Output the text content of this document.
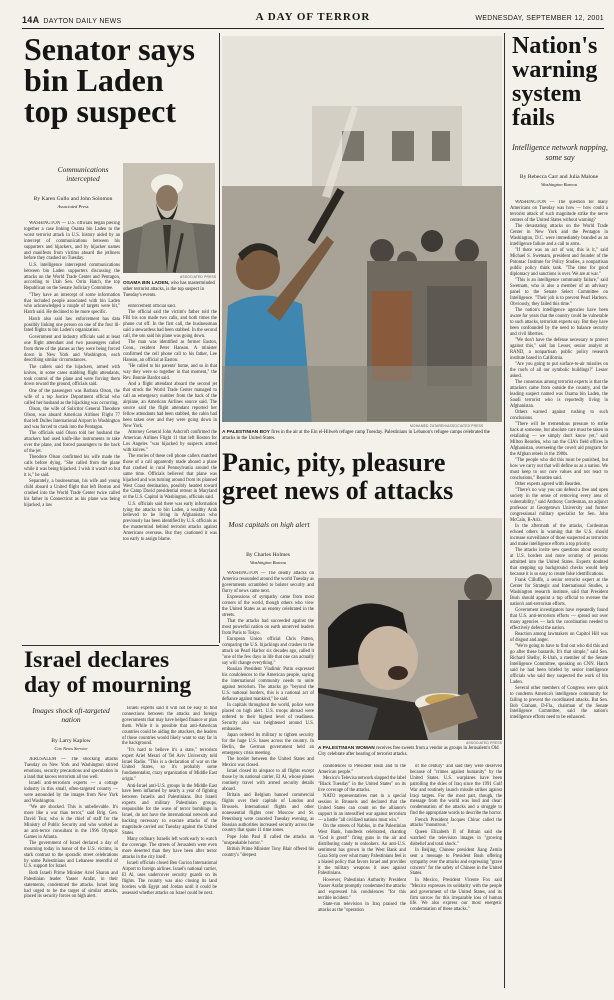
14A DAYTON DAILY NEWS	A DAY OF TERROR	WEDNESDAY, SEPTEMBER 12, 2001
Senator says
bin Laden
top suspect
Communications intercepted
By Karen Gullo and John Solomon
Associated Press
ASSOCIATED PRESS
OSAMA BIN LADEN, who has masterminded other terrorist attacks, is the top suspect in Tuesday's events.

WASHINGTON — U.S. officials began piecing together a case linking Osama bin Laden to the worst terrorist attack in U.S. history aided by an intercept of communications between his supporters and hijackers, and by hijacker names and manifests from victims aboard the jetliners before they crashed on Tuesday.

U.S. intelligence intercepted communications between bin Laden supporters discussing the attacks on the World Trade Center and Pentagon, according to Utah Sen. Orrin Hatch, the top Republican on the Senate Judiciary Committee.

"They have an intercept of some information that included people associated with bin Laden who acknowledged a couple of targets were hit," Hatch said. He declined to be more specific.

Hatch also said law enforcement has data possibly linking one person on one of the four ill-fated flights to bin Laden's organization.

Government and industry officials said at least one flight attendant and two passengers called from three of the planes as they were being forced down in New York and Washington, each describing similar circumstances.

The callers said the hijackers, armed with knives, in some cases stabbing flight attendants, took control of the plane and were forcing them down toward the ground, officials said.

One of the passengers was Barbara Olson, the wife of a top Justice Department official who called her husband as the hijacking was occurring.

Olson, the wife of Solicitor General Theodore Olson, was aboard American Airlines Flight 77 that left Dulles International Airport in Washington and was forced to crash into the Pentagon.

The officials said Olson told her husband the attackers had used knife-like instruments to take over the plane, and forced passengers to the back of the jet.

Theodore Olson confirmed his wife made the calls before dying. "She called from the plane while it was being hijacked. I wish it wasn't so but it is," he said.

Separately, a businessman, his wife and young child aboard a United flight that left Boston and crashed into the World Trade Center twice called his father in Connecticut as his plane was being hijacked, a law

enforcement official said.

The official said the victim's father told the FBI his son made two calls, and both times the phone cut off. In the first call, the businessman said a stewardess had been stabbed. In the second call, the son said his plane was going down.

The man was identified as former Easton, Conn., resident Peter Hanson. A minister confirmed the cell phone call to his father, Lee Hanson, an official at Easton.

"He called to his parents' home, and so in that way they were so together in that moment," the Rev. Bonnie Bardot said.

And a flight attendant aboard the second jet that struck the World Trade Center managed to call an emergency number from the back of the airplane, an American Airlines source said. The source said the flight attendant reported her fellow attendants had been stabbed, the cabin had been taken over and they were going down in New York.

Attorney General John Ashcroft confirmed the American Airlines Flight 11 that left Boston for Los Angeles "was hijacked by suspects armed with knives."

The stories of these cell phone callers matched those of a call apparently made aboard a plane that crashed in rural Pennsylvania around the same time. Officials believed that plane was hijacked and was turning around from its planned West Coast destination, possibly headed toward the Camp David presidential retreat in Maryland or the U.S. Capitol in Washington, officials said.

U.S. officials said there was early information tying the attacks to bin Laden, a wealthy Arab believed to be living in Afghanistan who previously has been identified by U.S. officials as the mastermind behind terrorist attacks against Americans overseas. But they cautioned it was too early to assign blame.

MOHAMED ZATAREH/ASSOCIATED PRESS
A PALESTINIAN BOY fires in the air at the Ein el-Hilweh refugee camp Tuesday. Palestinians in Lebanon's refugee camps celebrated the attacks in the United States.
Panic, pity, pleasure
greet news of attacks
Most capitals on high alert
By Charles Holmes
Washington Bureau

WASHINGTON — The deadly attacks on America resounded around the world Tuesday as governments scrambled to bolster security and flurry of news came next.

Expressions of sympathy came from most corners of the world, though others who view the United States as an enemy celebrated in the streets.

That the attacks had succeeded against the most powerful nation on earth unnerved leaders from Paris to Tokyo.

European Union official Chris Patten, comparing the U.S. hijackings and crashes to the attack on Pearl Harbor six decades ago, called it "one of the few days in life that one can actually say will change everything."

Russian President Vladimir Putin expressed his condolences to the American people, saying the international community needs to unite against terrorism. The attacks go "beyond the U.S. national borders, this is a national act of defiance against mankind," he said.

In capitals throughout the world, police were placed on high alert. U.S. troops abroad were ordered to their highest level of readiness. Security also was heightened around U.S. embassies.

Japan ordered its military to tighten security for the huge U.S. bases across the country. In Berlin, the German government held an emergency crisis meeting.

The border between the United States and Mexico was closed.

Israel closed its airspace to all flights except those by its national carrier, El Al, whose planes routinely travel with armed security details aboard.

Britain and Belgium banned commercial flights over their capitals of London and Brussels. International flights and other nonessential flights over Moscow and St. Petersburg were canceled Tuesday evening, as Russian authorities increased security across the country that spans 11 time zones.

Pope John Paul II called the attacks an "unspeakable horror."

British Prime Minister Tony Blair offered his country's "deepest

ASSOCIATED PRESS
A PALESTINIAN WOMAN receives free sweets from a vendor as groups in Jerusalem's Old City celebrate after hearing of terrorist attacks.

condolences to President Bush and to the American people."

Mexico's Televisa network slapped the label "Black Tuesday" in the United States" on its live coverage of the attacks.

NATO representatives met in a special session in Brussels and declared that the United States can count on the alliance's support in an intensified war against terrorism — a battle "all civilized nations must win."

On the streets of Nablus, in the Palestinian West Bank, hundreds celebrated, chanting "God is great!" firing guns in the air and distributing candy to onlookers. An anti-U.S. sentiment has grown in the West Bank and Gaza Strip over what many Palestinians feel is a biased policy that favors Israel and provides it the military weapons it uses against Palestinians.

However, Palestinian Authority President Yasser Arafat promptly condemned the attacks and expressed his condolences "for this terrible incident."

State-run television in Iraq praised the attacks as the "operation

of the century" and said they were deserved because of "crimes against humanity" by the United States. U.S. warplanes have been patrolling the skies of Iraq since the 1991 Gulf War and routinely launch missile strikes against Iraqi targets. For the most part, though, the message from the world was loud and clear: condemnation of the attacks and a struggle to find the appropriate words to describe the horror.

French President Jacques Chirac called the attacks "monstrous."

Queen Elizabeth II of Britain said she watched the television images in "growing disbelief and total shock."

In Beijing, Chinese president Jiang Zemin sent a message to President Bush offering sympathy over the attacks and expressing "grave concern" for the safety of Chinese in the United States.

In Mexico, President Vicente Fox said "Mexico expresses its solidarity with the people and government of the United States, and its firm sorrow for this irreparable loss of human life. We also express our most energetic condemnation of these attacks."

Israel declares
day of mourning
Images shock oft-targeted nation
By Larry Kaplow
Cox News Service

JERUSALEM — The shocking attacks Tuesday on New York and Washington stirred emotions, security precautions and speculation in a land that knows terrorism all too well.

Israeli anti-terrorism experts — a cottage industry in this small, often-targeted country — were astounded by the images from New York and Washington.

"We are shocked. This is unbelievable. It's more like a war than terror," said Brig. Gen. David Tsur, who is the chief of staff for the Ministry of Public Security and who worked as an anti-terror consultant in the 1996 Olympic Games in Atlanta.

The government of Israel declared a day of mourning today in honor of the U.S. victims, in stark contrast to the sporadic street celebrations by some Palestinians and Lebanese resentful of U.S. support for Israel.

Both Israeli Prime Minister Ariel Sharon and Palestinian leader Yasser Arafat, in their statements, condemned the attacks. Israel long had urged to be the target of similar attacks, placed its security forces on high alert.

Israeli experts said it will not be easy to find connections between the attacks and foreign governments that may have helped finance or plan them. While it is possible that anti-American countries could be aiding the attackers, the leaders of those countries would likely want to stay far in the background.

"It's hard to believe it's a state," terrorism expert Ariel Merari of Tel Aviv University told Israel Radio. "This is a declaration of war on the United States, so it's probably some fundamentalist, crazy organization of Middle East origin."

Anti-Israel anti-U.S. groups in the Middle East have been inflamed by nearly a year of fighting between Israelis and Palestinians. But Israeli experts and military Palestinian groups, responsible for the wave of terror bombings in Israel, do not have the international network and backing necessary to execute attacks of the magnitude carried out Tuesday against the United States.

Many ordinary Israelis left work early to watch the coverage. The streets of Jerusalem were even more deserted than they have been after terror attacks in the city itself.

Israeli officials closed Ben Gurion International Airport to foreign airlines. Israel's national carrier, El Al, uses undercover security guards on its flights. The country was also closing its land borders with Egypt and Jordan until it could be assessed whether attacks on Israel could be next.

Nation's
warning
system
fails
Intelligence network napping, some say
By Rebecca Carr and Julia Malone
Washington Bureau

WASHINGTON — The question for many Americans on Tuesday was how — how could a terrorist attack of such magnitude strike the nerve centers of the United States without warning?

The devastating attacks on the World Trade Center in New York and the Pentagon in Washington, D.C. were immediately branded as an intelligence failure and a call to arms.

"If there was an act of war, this is it," said Michael S. Swetnam, president and founder of the Potomac Institute for Policy Studies, a nonpartisan public policy think tank. "The time for good diplomacy and sanctions is over. We are at war."

"This is an intelligence community failure," said Swetnam, who is also a member of an advisory panel to the Senate Select Committee on Intelligence. "Their job is to prevent Pearl Harbors. Obviously, they failed this time."

The nation's intelligence agencies have been aware for years that the country could be vulnerable to such attacks, terrorism experts say. But they have been confounded by the need to balance security and civil liberties.

"We don't have the defense necessary to protect against this," said Ian Lesser, senior analyst at RAND, a nonpartisan public policy research institute based in California.

"Are you going to put surface-to-air missiles on the roofs of all our symbolic buildings?" Lesser asked.

The consensus among terrorist experts is that the attackers came from outside the country, and the leading suspect named was Osama bin Laden, the Saudi terrorist who is reportedly living in Afghanistan.

Others warned against rushing to such conclusions.

"There will be tremendous pressure to strike back at someone, but absolute care must be taken in retaliating — we simply don't know yet," said Milton Bearden, who ran the CIA's field offices in Afghanistan, overseeing the covert aid program for the Afghan rebels in the 1980s.

"The people who did this must be punished, but how we carry out that will define us as a nation. We must keep to our core values and not react to conclusions," Bearden said.

Other experts agreed with Bearden.

"There's no way you can defend a free and open society in the sense of removing every area of vulnerability," said Anthony Cordesman, an adjunct professor at Georgetown University and former congressional military specialist for Sen. John McCain, R-Ariz.

In the aftermath of the attacks, Cordesman echoed others in warning that the U.S. should increase surveillance of those suspected as terrorists and make intelligence efforts a top priority.

The attacks invite new questions about security at U.S. borders and more scrutiny of persons admitted into the United States. Experts doubted that stepping up background checks would help because it is so easy to create false identifications.

Frank Cilluffo, a senior terrorist expert at the Center for Strategic and International Studies, a Washington research institute, said that President Bush should appoint a top official to oversee the nation's anti-terrorism efforts.

Government investigators have repeatedly found that U.S. anti-terrorism efforts — spread out over many agencies — lack the coordination needed to effectively defend the nation.

Reaction among lawmakers on Capitol Hill was of disgust and anger.

"We're going to have to find out who did this and go after these bastards. It's that simple," said Sen. Richard Shelby, R-Utah, a member of the Senate Intelligence Committee, speaking on CNN. Hatch said he had been briefed by senior intelligence officials who said they suspected the work of bin Laden.

Several other members of Congress were quick to condemn America's intelligence community for failing to prevent the coordinated attacks. But Sen. Bob Graham, D-Fla., chairman of the Senate Intelligence Committee, said the nation's intelligence efforts need to be enhanced.
